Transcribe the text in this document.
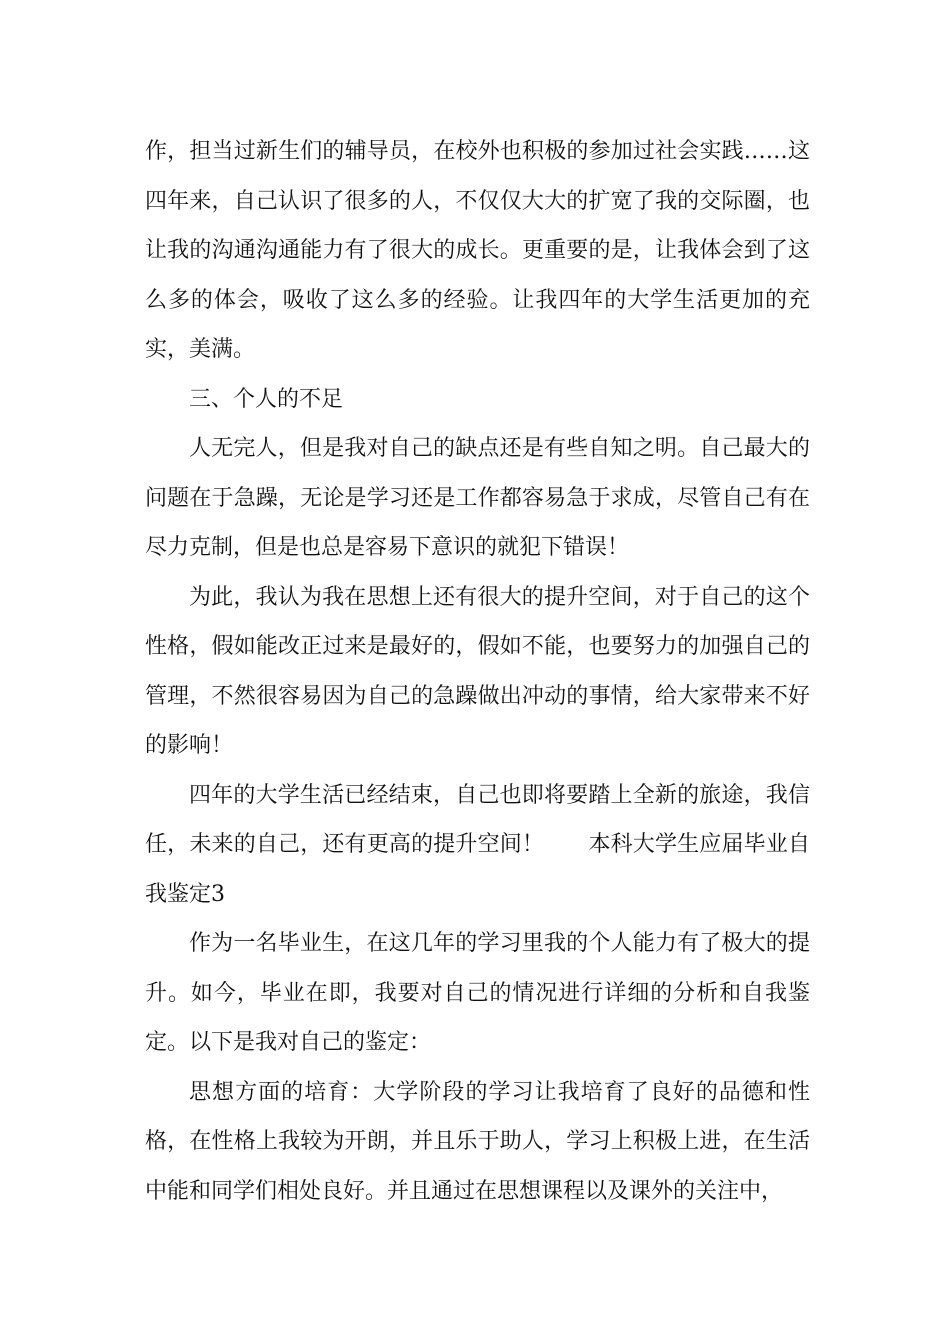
作，担当过新生们的辅导员，在校外也积极的参加过社会实践……这四年来，自己认识了很多的人，不仅仅大大的扩宽了我的交际圈，也让我的沟通沟通能力有了很大的成长。更重要的是，让我体会到了这么多的体会，吸收了这么多的经验。让我四年的大学生活更加的充实，美满。

三、个人的不足

人无完人，但是我对自己的缺点还是有些自知之明。自己最大的问题在于急躁，无论是学习还是工作都容易急于求成，尽管自己有在尽力克制，但是也总是容易下意识的就犯下错误！

为此，我认为我在思想上还有很大的提升空间，对于自己的这个性格，假如能改正过来是最好的，假如不能，也要努力的加强自己的管理，不然很容易因为自己的急躁做出冲动的事情，给大家带来不好的影响！

四年的大学生活已经结束，自己也即将要踏上全新的旅途，我信任，未来的自己，还有更高的提升空间！　　本科大学生应届毕业自我鉴定3

作为一名毕业生，在这几年的学习里我的个人能力有了极大的提升。如今，毕业在即，我要对自己的情况进行详细的分析和自我鉴定。以下是我对自己的鉴定：

思想方面的培育：大学阶段的学习让我培育了良好的品德和性格，在性格上我较为开朗，并且乐于助人，学习上积极上进，在生活中能和同学们相处良好。并且通过在思想课程以及课外的关注中，
